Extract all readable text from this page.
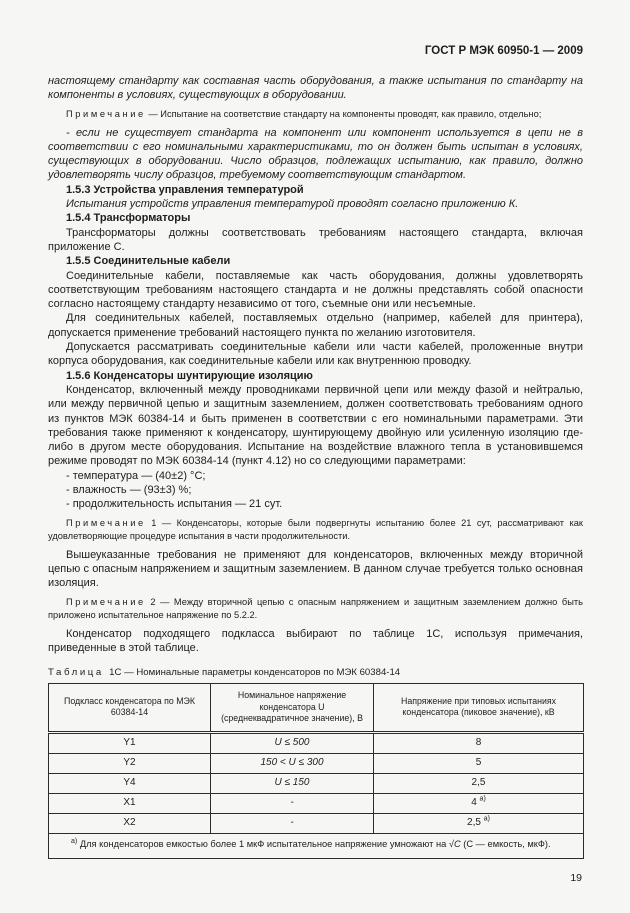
ГОСТ Р МЭК 60950-1 — 2009

настоящему стандарту как составная часть оборудования, а также испытания по стандарту на компоненты в условиях, существующих в оборудовании.

Примечание — Испытание на соответствие стандарту на компоненты проводят, как правило, отдельно;

- если не существует стандарта на компонент или компонент используется в цепи не в соответствии с его номинальными характеристиками, то он должен быть испытан в условиях, существующих в оборудовании. Число образцов, подлежащих испытанию, как правило, должно удовлетворять числу образцов, требуемому соответствующим стандартом.

1.5.3 Устройства управления температурой

Испытания устройств управления температурой проводят согласно приложению К.

1.5.4 Трансформаторы

Трансформаторы должны соответствовать требованиям настоящего стандарта, включая приложение С.

1.5.5 Соединительные кабели

Соединительные кабели, поставляемые как часть оборудования, должны удовлетворять соответствующим требованиям настоящего стандарта и не должны представлять собой опасности согласно настоящему стандарту независимо от того, съемные они или несъемные.

Для соединительных кабелей, поставляемых отдельно (например, кабелей для принтера), допускается применение требований настоящего пункта по желанию изготовителя.

Допускается рассматривать соединительные кабели или части кабелей, проложенные внутри корпуса оборудования, как соединительные кабели или как внутреннюю проводку.

1.5.6 Конденсаторы шунтирующие изоляцию

Конденсатор, включенный между проводниками первичной цепи или между фазой и нейтралью, или между первичной цепью и защитным заземлением, должен соответствовать требованиям одного из пунктов МЭК 60384-14 и быть применен в соответствии с его номинальными параметрами. Эти требования также применяют к конденсатору, шунтирующему двойную или усиленную изоляцию где-либо в другом месте оборудования. Испытание на воздействие влажного тепла в установившемся режиме проводят по МЭК 60384-14 (пункт 4.12) но со следующими параметрами:

- температура — (40±2) °С;

- влажность — (93±3) %;

- продолжительность испытания — 21 сут.

Примечание 1 — Конденсаторы, которые были подвергнуты испытанию более 21 сут, рассматривают как удовлетворяющие процедуре испытания в части продолжительности.

Вышеуказанные требования не применяют для конденсаторов, включенных между вторичной цепью с опасным напряжением и защитным заземлением. В данном случае требуется только основная изоляция.

Примечание 2 — Между вторичной цепью с опасным напряжением и защитным заземлением должно быть приложено испытательное напряжение по 5.2.2.

Конденсатор подходящего подкласса выбирают по таблице 1С, используя примечания, приведенные в этой таблице.

Таблица 1С — Номинальные параметры конденсаторов по МЭК 60384-14

Подкласс конденсатора по МЭК 60384-14	Номинальное напряжение конденсатора U (среднеквадратичное значение), В	Напряжение при типовых испытаниях конденсатора (пиковое значение), кВ
Y1	U ≤ 500	8
Y2	150 < U ≤ 300	5
Y4	U ≤ 150	2,5
X1	-	4 $^{а)}$
X2	-	2,5 $^{а)}$

$^{а)}$ Для конденсаторов емкостью более 1 мкФ испытательное напряжение умножают на √C (С — емкость, мкФ).		

19
